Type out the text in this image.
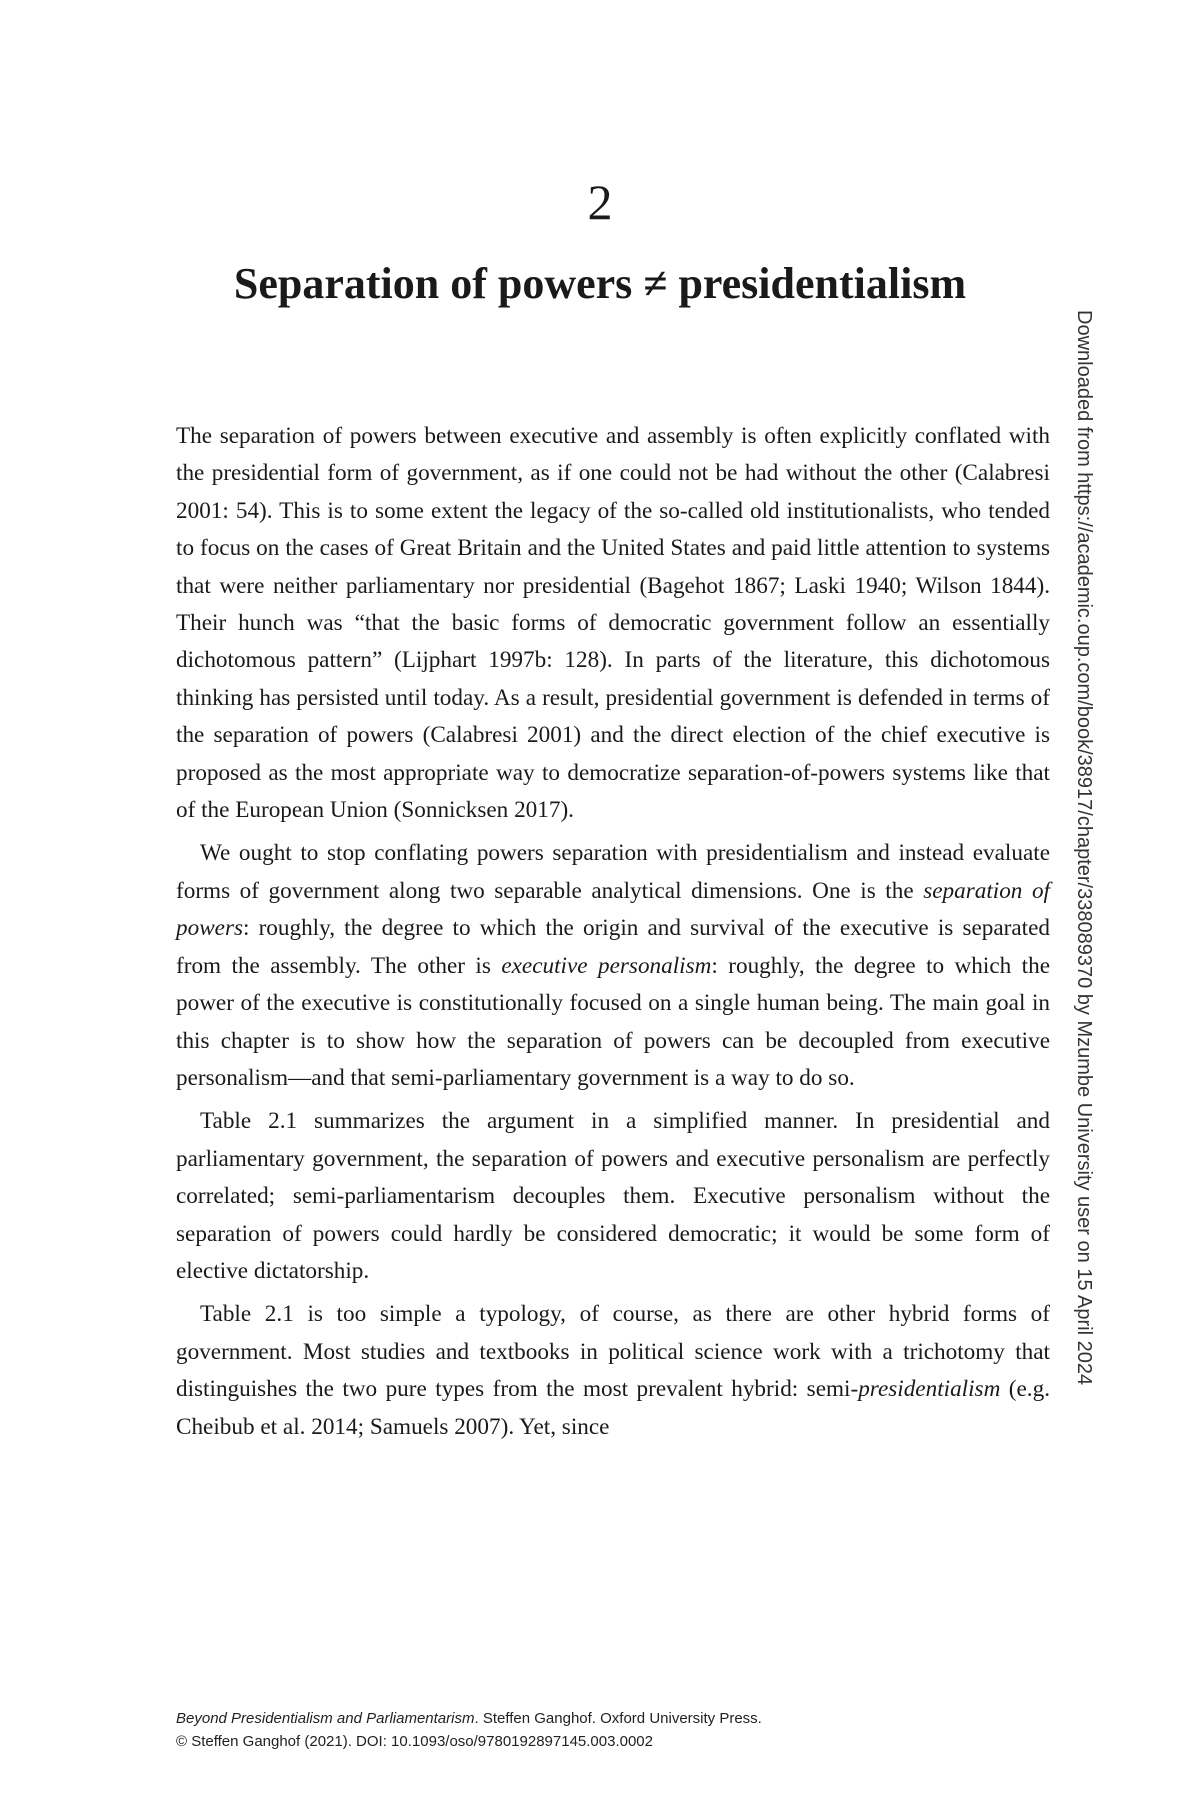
2
Separation of powers ≠ presidentialism

The separation of powers between executive and assembly is often explicitly conflated with the presidential form of government, as if one could not be had without the other (Calabresi 2001: 54). This is to some extent the legacy of the so-called old institutionalists, who tended to focus on the cases of Great Britain and the United States and paid little attention to systems that were neither parliamentary nor presidential (Bagehot 1867; Laski 1940; Wilson 1844). Their hunch was “that the basic forms of democratic government follow an essentially dichotomous pattern” (Lijphart 1997b: 128). In parts of the literature, this dichotomous thinking has persisted until today. As a result, presidential government is defended in terms of the separation of powers (Calabresi 2001) and the direct election of the chief executive is proposed as the most appropriate way to democratize separation-of-powers systems like that of the European Union (Sonnicksen 2017).

We ought to stop conflating powers separation with presidentialism and instead evaluate forms of government along two separable analytical dimensions. One is the separation of powers: roughly, the degree to which the origin and survival of the executive is separated from the assembly. The other is executive personalism: roughly, the degree to which the power of the executive is constitutionally focused on a single human being. The main goal in this chapter is to show how the separation of powers can be decoupled from executive personalism—and that semi-parliamentary government is a way to do so.

Table 2.1 summarizes the argument in a simplified manner. In presidential and parliamentary government, the separation of powers and executive personalism are perfectly correlated; semi-parliamentarism decouples them. Executive personalism without the separation of powers could hardly be considered democratic; it would be some form of elective dictatorship.

Table 2.1 is too simple a typology, of course, as there are other hybrid forms of government. Most studies and textbooks in political science work with a trichotomy that distinguishes the two pure types from the most prevalent hybrid: semi-presidentialism (e.g. Cheibub et al. 2014; Samuels 2007). Yet, since

Downloaded from https://academic.oup.com/book/38917/chapter/338089370 by Mzumbe University user on 15 April 2024
Beyond Presidentialism and Parliamentarism. Steffen Ganghof. Oxford University Press.
© Steffen Ganghof (2021). DOI: 10.1093/oso/9780192897145.003.0002
